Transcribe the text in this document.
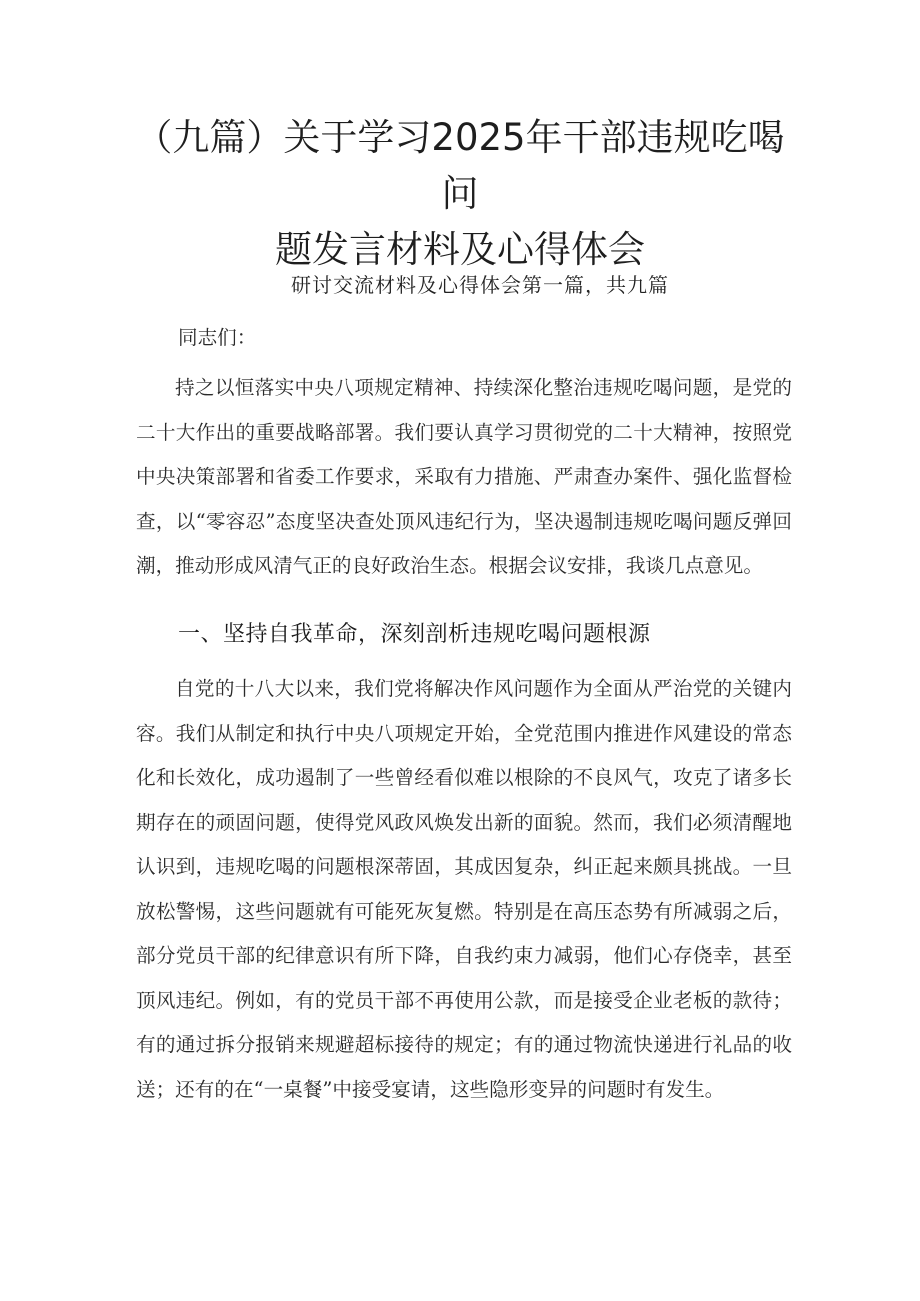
（九篇）关于学习2025年干部违规吃喝问
题发言材料及心得体会
研讨交流材料及心得体会第一篇，共九篇
同志们：

持之以恒落实中央八项规定精神、持续深化整治违规吃喝问题，是党的二十大作出的重要战略部署。我们要认真学习贯彻党的二十大精神，按照党中央决策部署和省委工作要求，采取有力措施、严肃查办案件、强化监督检查，以“零容忍”态度坚决查处顶风违纪行为，坚决遏制违规吃喝问题反弹回潮，推动形成风清气正的良好政治生态。根据会议安排，我谈几点意见。

一、坚持自我革命，深刻剖析违规吃喝问题根源

自党的十八大以来，我们党将解决作风问题作为全面从严治党的关键内容。我们从制定和执行中央八项规定开始，全党范围内推进作风建设的常态化和长效化，成功遏制了一些曾经看似难以根除的不良风气，攻克了诸多长期存在的顽固问题，使得党风政风焕发出新的面貌。然而，我们必须清醒地认识到，违规吃喝的问题根深蒂固，其成因复杂，纠正起来颇具挑战。一旦放松警惕，这些问题就有可能死灰复燃。特别是在高压态势有所减弱之后，部分党员干部的纪律意识有所下降，自我约束力减弱，他们心存侥幸，甚至顶风违纪。例如，有的党员干部不再使用公款，而是接受企业老板的款待；有的通过拆分报销来规避超标接待的规定；有的通过物流快递进行礼品的收送；还有的在“一桌餐”中接受宴请，这些隐形变异的问题时有发生。
